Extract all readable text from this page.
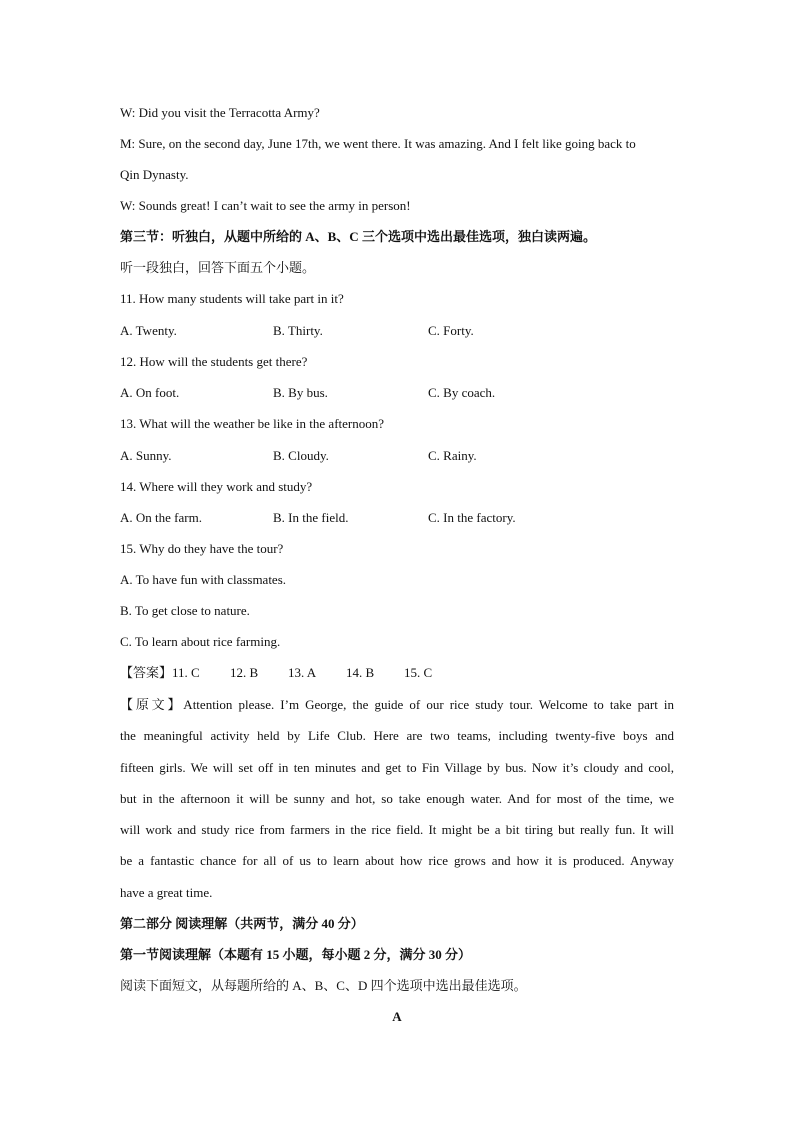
W: Did you visit the Terracotta Army?
M: Sure, on the second day, June 17th, we went there. It was amazing. And I felt like going back to
Qin Dynasty.
W: Sounds great! I can’t wait to see the army in person!
第三节：听独白，从题中所给的 A、B、C 三个选项中选出最佳选项，独白读两遍。
听一段独白，回答下面五个小题。
11. How many students will take part in it?
A. Twenty.	B. Thirty.	C. Forty.
12. How will the students get there?
A. On foot.	B. By bus.	C. By coach.
13. What will the weather be like in the afternoon?
A. Sunny.	B. Cloudy.	C. Rainy.
14. Where will they work and study?
A. On the farm.	B. In the field.	C. In the factory.
15. Why do they have the tour?
A. To have fun with classmates.
B. To get close to nature.
C. To learn about rice farming.
【答案】11. C 12. B 13. A 14. B 15. C
【原文】Attention please. I’m George, the guide of our rice study tour. Welcome to take part in
the meaningful activity held by Life Club. Here are two teams, including twenty-five boys and
fifteen girls. We will set off in ten minutes and get to Fin Village by bus. Now it’s cloudy and cool,
but in the afternoon it will be sunny and hot, so take enough water. And for most of the time, we
will work and study rice from farmers in the rice field. It might be a bit tiring but really fun. It will
be a fantastic chance for all of us to learn about how rice grows and how it is produced. Anyway
have a great time.
第二部分 阅读理解（共两节，满分 40 分）
第一节阅读理解（本题有 15 小题，每小题 2 分，满分 30 分）
阅读下面短文，从每题所给的 A、B、C、D 四个选项中选出最佳选项。
A
